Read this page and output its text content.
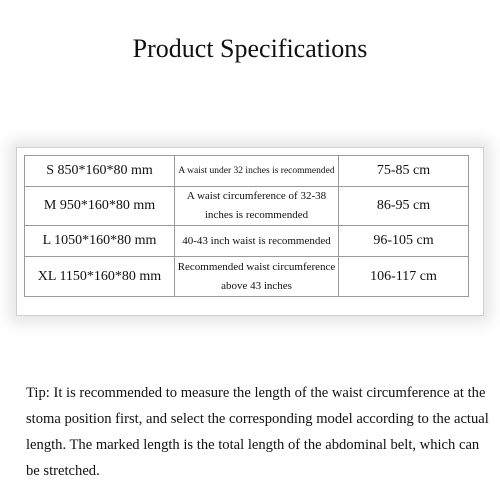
Product Specifications
S 850*160*80 mm	A waist under 32 inches is recommended	75-85 cm
M 950*160*80 mm	A waist circumference of 32-38 inches is recommended	86-95 cm
L 1050*160*80 mm	40-43 inch waist is recommended	96-105 cm
XL 1150*160*80 mm	Recommended waist circumference above 43 inches	106-117 cm
Tip: It is recommended to measure the length of the waist circumference at the stoma position first, and select the corresponding model according to the actual length. The marked length is the total length of the abdominal belt, which can be stretched.
